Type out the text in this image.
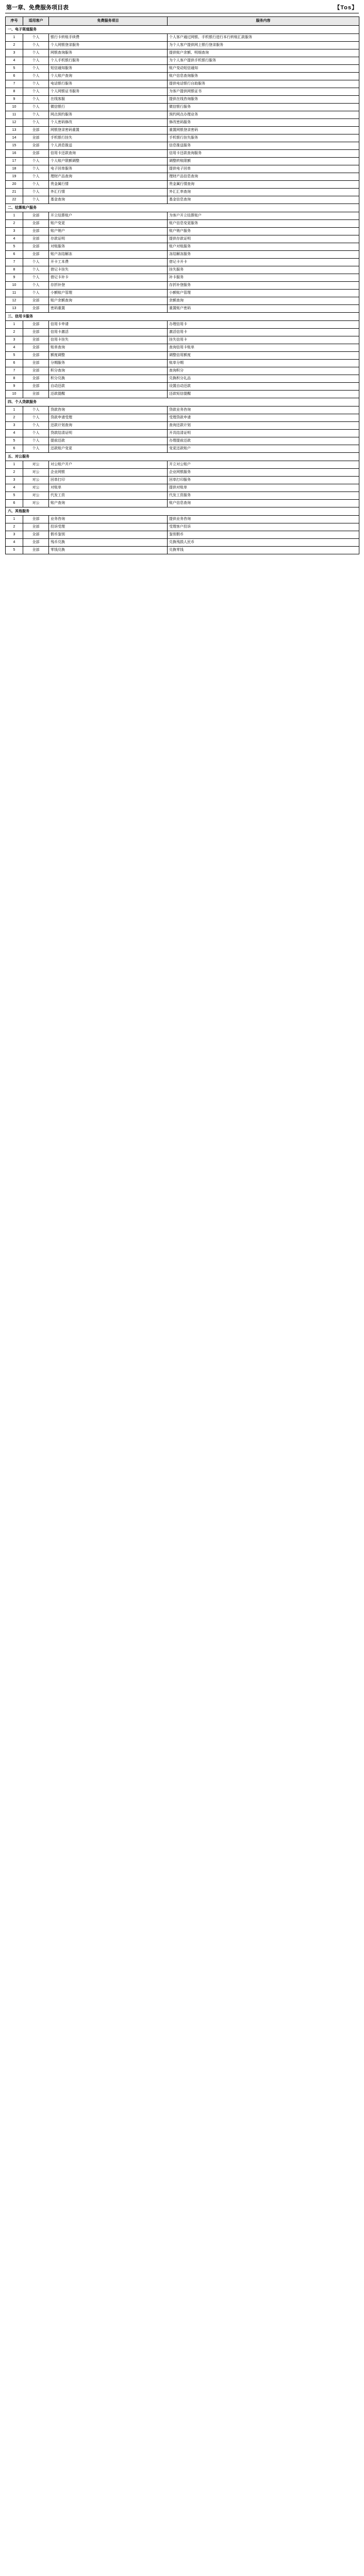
第一章、免费服务项目表	【Tos】
序号	适用客户	免费服务项目	服务内容
一、电子渠道服务			
1	个人	银行卡转账手续费	个人客户通过网银、手机银行进行本行转账汇款服务
2	个人	个人网银登录服务	为个人客户提供网上银行登录服务
3	个人	网银查询服务	提供账户余额、明细查询
4	个人	个人手机银行服务	为个人客户提供手机银行服务
5	个人	短信通知服务	账户变动短信通知
6	个人	个人账户查询	账户信息查询服务
7	个人	电话银行服务	提供电话银行自助服务
8	个人	个人网银证书服务	为客户提供网银证书
9	个人	在线客服	提供在线咨询服务
10	个人	微信银行	微信银行服务
11	个人	网点预约服务	预约网点办理业务
12	个人	个人密码修改	修改密码服务
13	全部	网银登录密码重置	重置网银登录密码
14	全部	手机银行挂失	手机银行挂失服务
15	全部	个人消息推送	信息推送服务
16	全部	信用卡还款查询	信用卡还款查询服务
17	个人	个人账户限额调整	调整转账限额
18	个人	电子回单服务	提供电子回单
19	个人	理财产品查询	理财产品信息查询
20	个人	贵金属行情	贵金属行情查询
21	个人	外汇行情	外汇汇率查询
22	个人	基金查询	基金信息查询
二、结算账户服务			
1	全部	开立结算账户	为客户开立结算账户
2	全部	账户变更	账户信息变更服务
3	全部	账户销户	账户销户服务
4	全部	存款证明	提供存款证明
5	全部	对账服务	账户对账服务
6	全部	账户冻结解冻	冻结解冻服务
7	个人	开卡工本费	借记卡开卡
8	个人	借记卡挂失	挂失服务
9	个人	借记卡补卡	补卡服务
10	个人	存折补登	存折补登服务
11	个人	小额账户管理	小额账户管理
12	全部	账户余额查询	余额查询
13	全部	密码重置	重置账户密码
三、信用卡服务			
1	全部	信用卡申请	办理信用卡
2	全部	信用卡激活	激活信用卡
3	全部	信用卡挂失	挂失信用卡
4	全部	账单查询	查询信用卡账单
5	全部	额度调整	调整信用额度
6	全部	分期服务	账单分期
7	全部	积分查询	查询积分
8	全部	积分兑换	兑换积分礼品
9	全部	自动还款	设置自动还款
10	全部	还款提醒	还款短信提醒
四、个人贷款服务			
1	个人	贷款咨询	贷款业务咨询
2	个人	贷款申请受理	受理贷款申请
3	个人	还款计划查询	查询还款计划
4	个人	贷款结清证明	开具结清证明
5	个人	提前还款	办理提前还款
6	个人	还款账户变更	变更还款账户
五、对公服务			
1	对公	对公账户开户	开立对公账户
2	对公	企业网银	企业网银服务
3	对公	回单打印	回单打印服务
4	对公	对账单	提供对账单
5	对公	代发工资	代发工资服务
6	对公	账户查询	账户信息查询
六、其他服务			
1	全部	业务咨询	提供业务咨询
2	全部	投诉受理	受理客户投诉
3	全部	假币鉴别	鉴别假币
4	全部	残币兑换	兑换残损人民币
5	全部	零钱兑换	兑换零钱
